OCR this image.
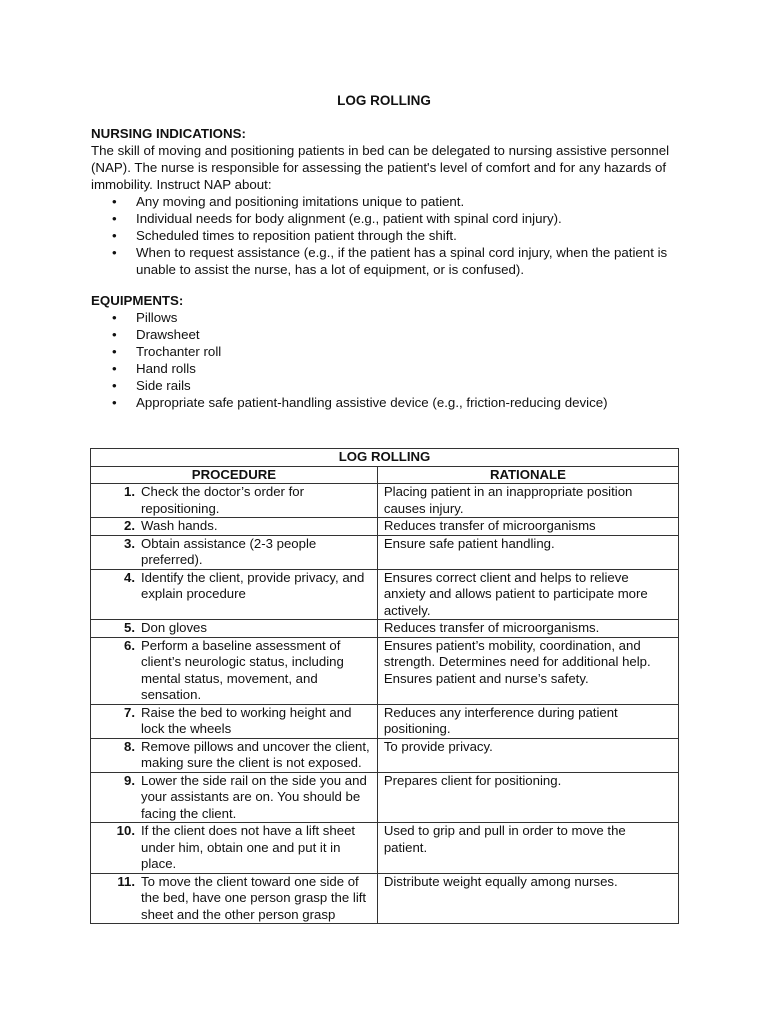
LOG ROLLING
NURSING INDICATIONS:

The skill of moving and positioning patients in bed can be delegated to nursing assistive personnel (NAP). The nurse is responsible for assessing the patient's level of comfort and for any hazards of immobility. Instruct NAP about:

• Any moving and positioning imitations unique to patient.
• Individual needs for body alignment (e.g., patient with spinal cord injury).
• Scheduled times to reposition patient through the shift.
• When to request assistance (e.g., if the patient has a spinal cord injury, when the patient is unable to assist the nurse, has a lot of equipment, or is confused).
EQUIPMENTS:
• Pillows
• Drawsheet
• Trochanter roll
• Hand rolls
• Side rails
• Appropriate safe patient-handling assistive device (e.g., friction-reducing device)
LOG ROLLING	
PROCEDURE	RATIONALE

1. Check the doctor’s order for repositioning.	Placing patient in an inappropriate position causes injury.

2. Wash hands.	Reduces transfer of microorganisms

3. Obtain assistance (2-3 people preferred).	Ensure safe patient handling.

4. Identify the client, provide privacy, and explain procedure	Ensures correct client and helps to relieve anxiety and allows patient to participate more actively.

5. Don gloves	Reduces transfer of microorganisms.

6. Perform a baseline assessment of client’s neurologic status, including mental status, movement, and sensation.	Ensures patient’s mobility, coordination, and strength. Determines need for additional help. Ensures patient and nurse’s safety.

7. Raise the bed to working height and lock the wheels	Reduces any interference during patient positioning.

8. Remove pillows and uncover the client, making sure the client is not exposed.	To provide privacy.

9. Lower the side rail on the side you and your assistants are on. You should be facing the client.	Prepares client for positioning.

10. If the client does not have a lift sheet under him, obtain one and put it in place.	Used to grip and pull in order to move the patient.

11. To move the client toward one side of the bed, have one person grasp the lift sheet and the other person grasp	Distribute weight equally among nurses.
